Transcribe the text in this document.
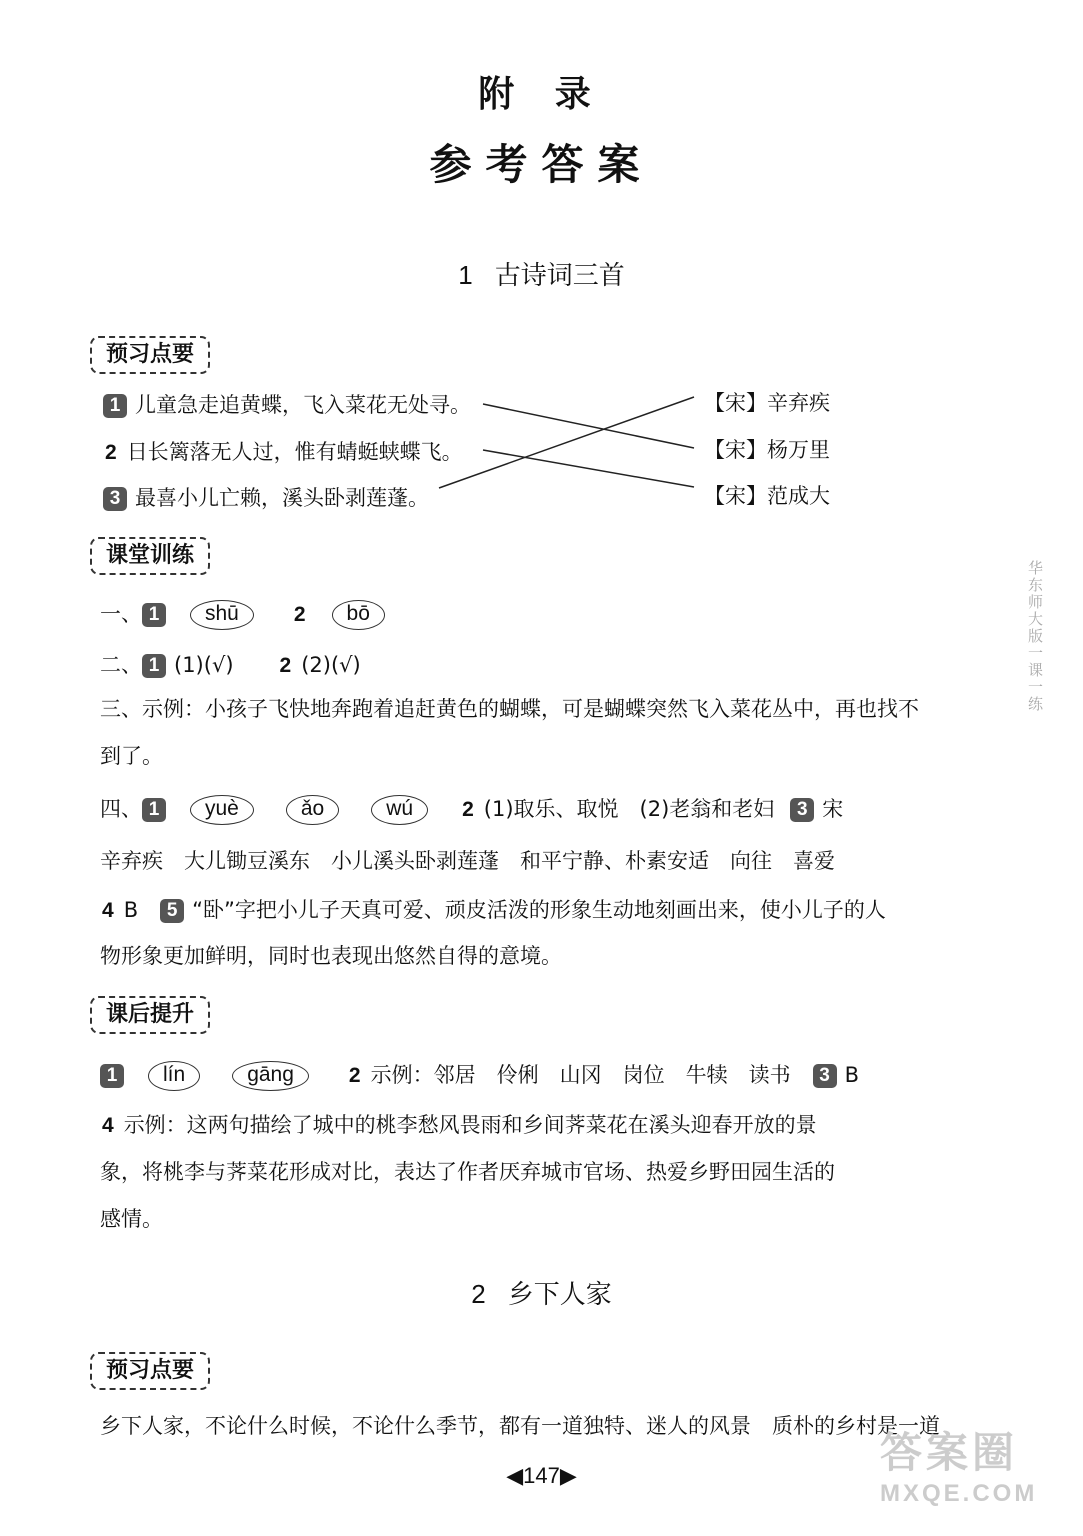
附 录
参考答案
华东师大版一课一练
1 古诗词三首
预习点要
1 儿童急走追黄蝶，飞入菜花无处寻。
2 日长篱落无人过，惟有蜻蜓蛱蝶飞。
3 最喜小儿亡赖，溪头卧剥莲蓬。
【宋】辛弃疾
【宋】杨万里
【宋】范成大
课堂训练
一、 1 shū	2 bō
二、 1 (1)(√) 2 (2)(√)
三、示例：小孩子飞快地奔跑着追赶黄色的蝴蝶，可是蝴蝶突然飞入菜花丛中，再也找不
到了。
四、 1 yuè	ǎo	wú 2 (1)取乐、取悦　(2)老翁和老妇 3 宋
辛弃疾　大儿锄豆溪东　小儿溪头卧剥莲蓬　和平宁静、朴素安适　向往　喜爱
4 B 5 “卧”字把小儿子天真可爱、顽皮活泼的形象生动地刻画出来，使小儿子的人
物形象更加鲜明，同时也表现出悠然自得的意境。
课后提升
1 lín	gāng	2 示例：邻居　伶俐　山冈　岗位　牛犊　读书 3 B
4 示例：这两句描绘了城中的桃李愁风畏雨和乡间荠菜花在溪头迎春开放的景
象，将桃李与荠菜花形成对比，表达了作者厌弃城市官场、热爱乡野田园生活的
感情。
2 乡下人家
预习点要
乡下人家，不论什么时候，不论什么季节，都有一道独特、迷人的风景　质朴的乡村是一道
◀147▶	答案圈
MXQE.COM
